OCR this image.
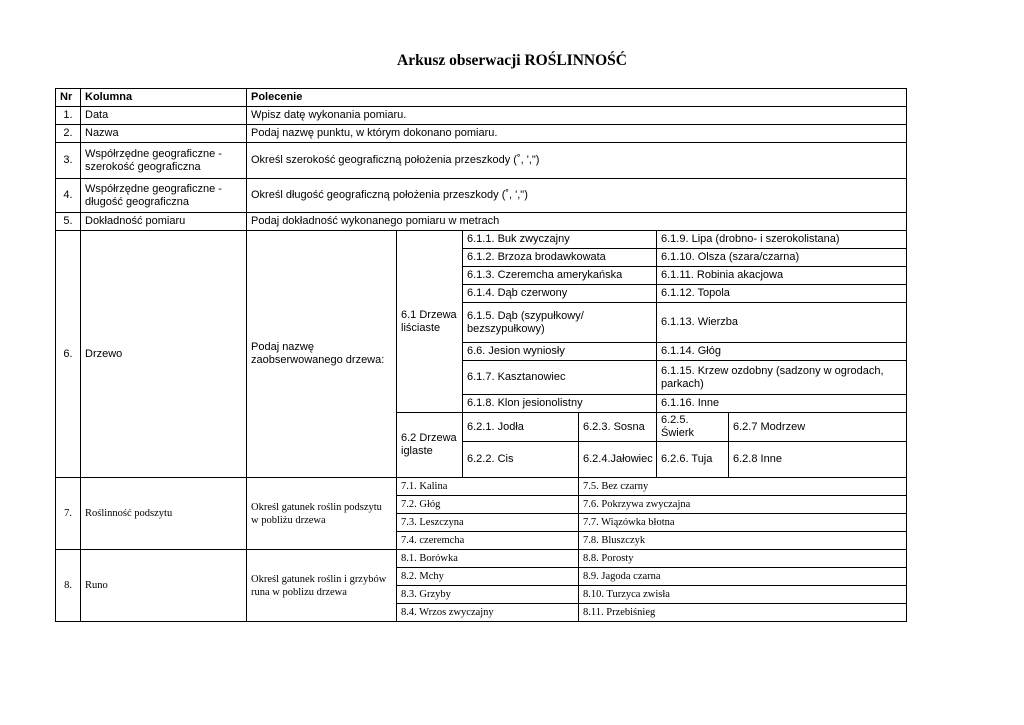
Arkusz obserwacji ROŚLINNOŚĆ
Nr	Kolumna	Polecenie					
1.	Data	Wpisz datę wykonania pomiaru.					
2.	Nazwa	Podaj nazwę punktu, w którym dokonano pomiaru.					
3.	Współrzędne geograficzne - szerokość geograficzna	Określ szerokość geograficzną położenia przeszkody (˚, ',")					
4.	Współrzędne geograficzne - długość geograficzna	Określ długość geograficzną położenia przeszkody (˚, ',")					
5.	Dokładność pomiaru	Podaj dokładność wykonanego pomiaru w metrach					
6.	Drzewo	Podaj nazwę zaobserwowanego drzewa:	6.1 Drzewa liściaste	6.1.1. Buk zwyczajny		6.1.9. Lipa (drobno- i szerokolistana)	
				6.1.2. Brzoza brodawkowata		6.1.10. Olsza (szara/czarna)	
				6.1.3. Czeremcha amerykańska		6.1.11. Robinia akacjowa	
				6.1.4. Dąb czerwony		6.1.12. Topola	
				6.1.5. Dąb (szypułkowy/ bezszypułkowy)		6.1.13. Wierzba	
				6.6. Jesion wyniosły		6.1.14. Głóg	
				6.1.7. Kasztanowiec		6.1.15. Krzew ozdobny (sadzony w ogrodach, parkach)	
				6.1.8. Klon jesionolistny		6.1.16. Inne	
			6.2 Drzewa iglaste	6.2.1. Jodła	6.2.3. Sosna	6.2.5. Świerk	6.2.7 Modrzew
				6.2.2. Cis	6.2.4.Jałowiec	6.2.6. Tuja	6.2.8 Inne
7.	Roślinność podszytu	Określ gatunek roślin podszytu w pobliżu drzewa	7.1. Kalina		7.5. Bez czarny		
			7.2. Głóg		7.6. Pokrzywa zwyczajna		
			7.3. Leszczyna		7.7. Wiązówka błotna		
			7.4. czeremcha		7.8. Bluszczyk		
8.	Runo	Określ gatunek roślin i grzybów runa w poblizu drzewa	8.1. Borówka		8.8. Porosty		
			8.2. Mchy		8.9. Jagoda czarna		
			8.3. Grzyby		8.10. Turzyca zwisła		
			8.4. Wrzos zwyczajny		8.11. Przebiśnieg		
